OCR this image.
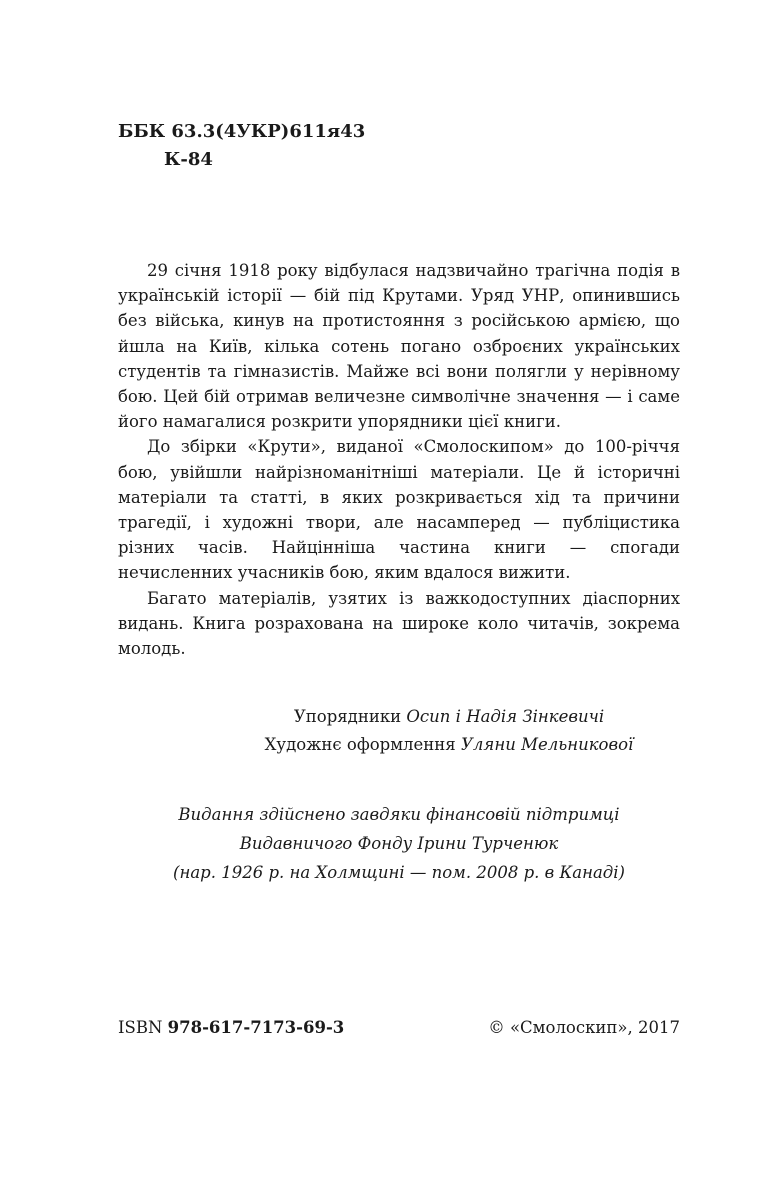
ББК 63.3(4УКР)611я43
К-84

29 січня 1918 року відбулася надзвичайно трагічна подія в українській історії — бій під Крутами. Уряд УНР, опинившись без війська, кинув на протистояння з російською армією, що йшла на Київ, кілька сотень погано озброєних українських студентів та гімназистів. Майже всі вони полягли у нерівному бою. Цей бій отримав величезне символічне значення — і саме його намагалися розкрити упорядники цієї книги.

До збірки «Крути», виданої «Смолоскипом» до 100-річчя бою, увійшли найрізноманітніші матеріали. Це й історичні матеріали та статті, в яких розкривається хід та причини трагедії, і художні твори, але насамперед — публіцистика різних часів. Найцінніша частина книги — спогади нечисленних учасників бою, яким вдалося вижити.

Багато матеріалів, узятих із важкодоступних діаспорних видань. Книга розрахована на широке коло читачів, зокрема молодь.

Упорядники Осип і Надія Зінкевичі
Художнє оформлення Уляни Мельникової
Видання здійснено завдяки фінансовій підтримці
Видавничого Фонду Ірини Турченюк
(нар. 1926 р. на Холмщині — пом. 2008 р. в Канаді)
ISBN 978-617-7173-69-3	© «Смолоскип», 2017
